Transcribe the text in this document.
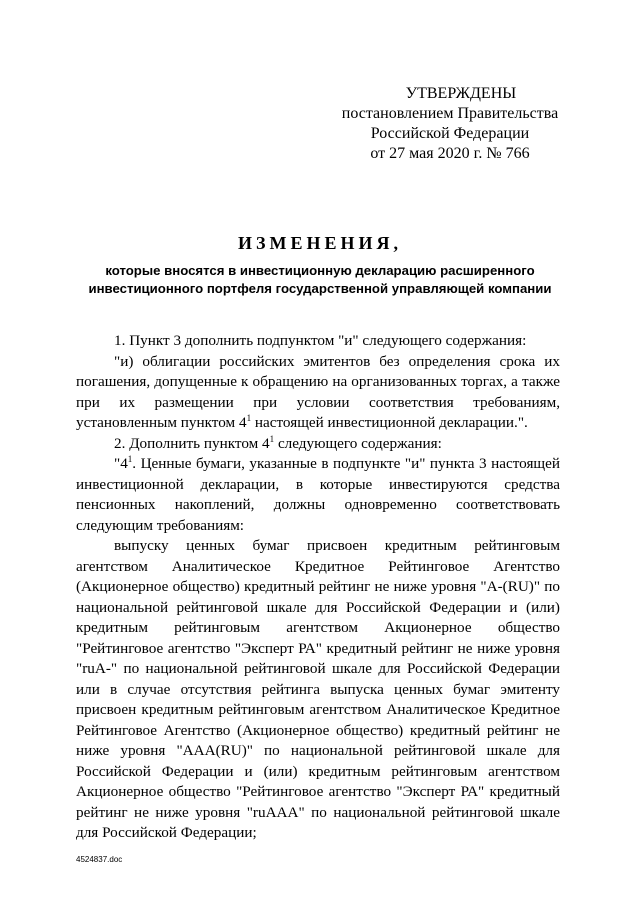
УТВЕРЖДЕНЫ
постановлением Правительства
Российской Федерации
от 27 мая 2020 г. № 766
ИЗМЕНЕНИЯ,
которые вносятся в инвестиционную декларацию расширенного
инвестиционного портфеля государственной управляющей компании

1. Пункт 3 дополнить подпунктом "и" следующего содержания:

"и) облигации российских эмитентов без определения срока их погашения, допущенные к обращению на организованных торгах, а также при их размещении при условии соответствия требованиям, установленным пунктом $4^1$ настоящей инвестиционной декларации.".

2. Дополнить пунктом $4^1$ следующего содержания:

"$4^1$. Ценные бумаги, указанные в подпункте "и" пункта 3 настоящей инвестиционной декларации, в которые инвестируются средства пенсионных накоплений, должны одновременно соответствовать следующим требованиям:

выпуску ценных бумаг присвоен кредитным рейтинговым агентством Аналитическое Кредитное Рейтинговое Агентство (Акционерное общество) кредитный рейтинг не ниже уровня "A-(RU)" по национальной рейтинговой шкале для Российской Федерации и (или) кредитным рейтинговым агентством Акционерное общество "Рейтинговое агентство "Эксперт РА" кредитный рейтинг не ниже уровня "ruA-" по национальной рейтинговой шкале для Российской Федерации или в случае отсутствия рейтинга выпуска ценных бумаг эмитенту присвоен кредитным рейтинговым агентством Аналитическое Кредитное Рейтинговое Агентство (Акционерное общество) кредитный рейтинг не ниже уровня "AAA(RU)" по национальной рейтинговой шкале для Российской Федерации и (или) кредитным рейтинговым агентством Акционерное общество "Рейтинговое агентство "Эксперт РА" кредитный рейтинг не ниже уровня "ruAAA" по национальной рейтинговой шкале для Российской Федерации;

4524837.doc
